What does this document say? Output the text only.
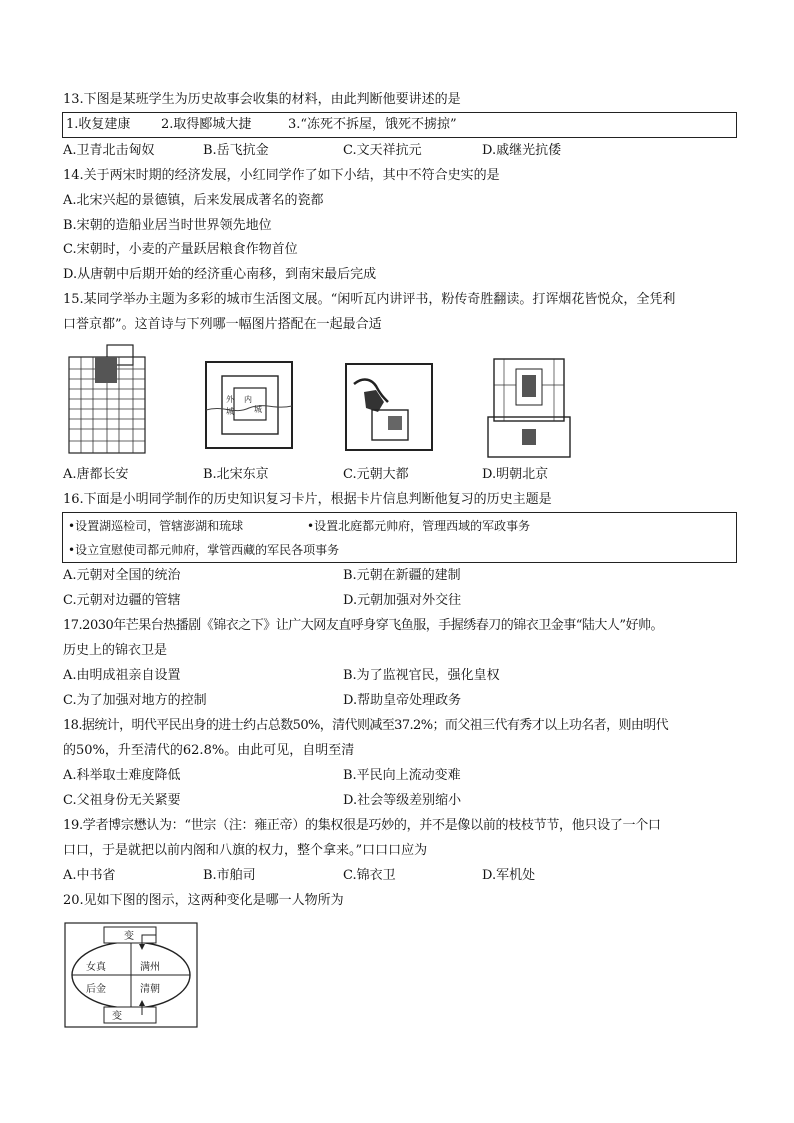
13.下图是某班学生为历史故事会收集的材料，由此判断他要讲述的是
1.收复建康 2.取得郾城大捷	3.“冻死不拆屋，饿死不掳掠”
A.卫青北击匈奴	B.岳飞抗金	C.文天祥抗元	D.戚继光抗倭
14.关于两宋时期的经济发展，小红同学作了如下小结，其中不符合史实的是
A.北宋兴起的景德镇，后来发展成著名的瓷都
B.宋朝的造船业居当时世界领先地位
C.宋朝时，小麦的产量跃居粮食作物首位
D.从唐朝中后期开始的经济重心南移，到南宋最后完成
15.某同学举办主题为多彩的城市生活图文展。“闲听瓦内讲评书，粉传奇胜翻读。打诨烟花皆悦众，全凭利
口誉京都”。这首诗与下列哪一幅图片搭配在一起最合适
外
城
内
城
A.唐都长安	B.北宋东京	C.元朝大都	D.明朝北京
16.下面是小明同学制作的历史知识复习卡片，根据卡片信息判断他复习的历史主题是
•设置湖巡检司，管辖澎湖和琉球	•设置北庭都元帅府，管理西域的军政事务
•设立宣慰使司都元帅府，掌管西藏的军民各项事务
A.元朝对全国的统治	B.元朝在新疆的建制
C.元朝对边疆的管辖	D.元朝加强对外交往
17.2030年芒果台热播剧《锦衣之下》让广大网友直呼身穿飞鱼服，手握绣春刀的锦衣卫金事“陆大人”好帅。
历史上的锦衣卫是
A.由明成祖亲自设置	B.为了监视官民，强化皇权
C.为了加强对地方的控制	D.帮助皇帝处理政务
18.据统计，明代平民出身的进士约占总数50%，清代则减至37.2%；而父祖三代有秀才以上功名者，则由明代
的50%，升至清代的62.8%。由此可见，自明至清
A.科举取士难度降低	B.平民向上流动变难
C.父祖身份无关紧要	D.社会等级差别缩小
19.学者博宗懋认为：“世宗（注：雍正帝）的集权很是巧妙的，并不是像以前的枝枝节节，他只设了一个口
口口，于是就把以前内阁和八旗的权力，整个拿来。”口口口应为
A.中书省	B.市舶司	C.锦衣卫	D.军机处
20.见如下图的图示，这两种变化是哪一人物所为
变
变
女真	满州
后金	清朝
